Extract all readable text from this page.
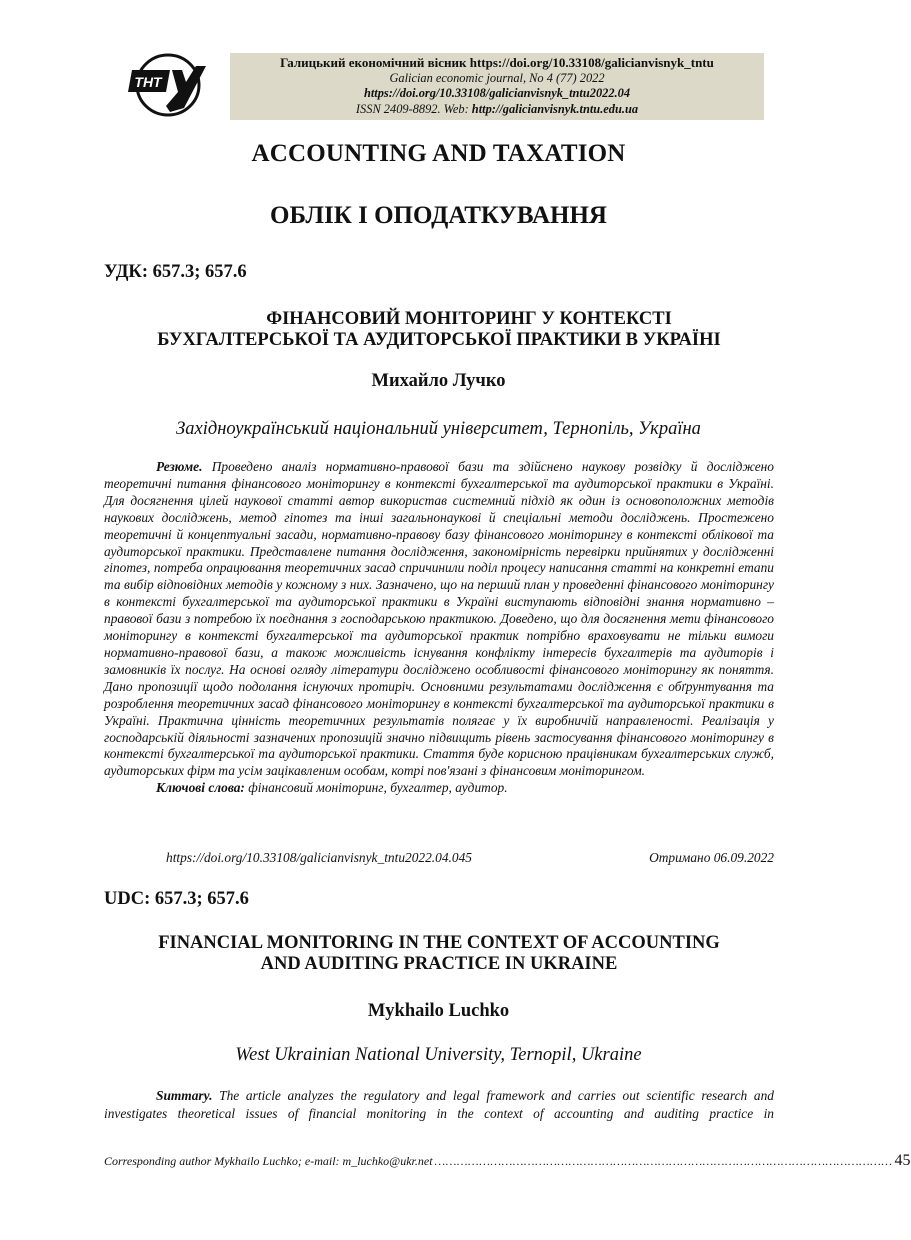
ТНТ
Галицький економічний вісник https://doi.org/10.33108/galicianvisnyk_tntu
Galician economic journal, No 4 (77) 2022
https://doi.org/10.33108/galicianvisnyk_tntu2022.04
ISSN 2409-8892. Web: http://galicianvisnyk.tntu.edu.ua
ACCOUNTING AND TAXATION
ОБЛІК І ОПОДАТКУВАННЯ
УДК: 657.3; 657.6
ФІНАНСОВИЙ МОНІТОРИНГ У КОНТЕКСТІ
БУХГАЛТЕРСЬКОЇ ТА АУДИТОРСЬКОЇ ПРАКТИКИ В УКРАЇНІ
Михайло Лучко
Західноукраїнський національний університет, Тернопіль, Україна

Резюме. Проведено аналіз нормативно-правової бази та здійснено наукову розвідку й досліджено теоретичні питання фінансового моніторингу в контексті бухгалтерської та аудиторської практики в Україні. Для досягнення цілей наукової статті автор використав системний підхід як один із основоположних методів наукових досліджень, метод гіпотез та інші загальнонаукові й спеціальні методи досліджень. Простежено теоретичні й концептуальні засади, нормативно-правову базу фінансового моніторингу в контексті облікової та аудиторської практики. Представлене питання дослідження, закономірність перевірки прийнятих у дослідженні гіпотез, потреба опрацювання теоретичних засад спричинили поділ процесу написання статті на конкретні етапи та вибір відповідних методів у кожному з них. Зазначено, що на перший план у проведенні фінансового моніторингу в контексті бухгалтерської та аудиторської практики в Україні виступають відповідні знання нормативно – правової бази з потребою їх поєднання з господарською практикою. Доведено, що для досягнення мети фінансового моніторингу в контексті бухгалтерської та аудиторської практик потрібно враховувати не тільки вимоги нормативно-правової бази, а також можливість існування конфлікту інтересів бухгалтерів та аудиторів і замовників їх послуг. На основі огляду літератури досліджено особливості фінансового моніторингу як поняття. Дано пропозиції щодо подолання існуючих протиріч. Основними результатами дослідження є обґрунтування та розроблення теоретичних засад фінансового моніторингу в контексті бухгалтерської та аудиторської практики в Україні. Практична цінність теоретичних результатів полягає у їх виробничій направленості. Реалізація у господарській діяльності зазначених пропозицій значно підвищить рівень застосування фінансового моніторингу в контексті бухгалтерської та аудиторської практики. Стаття буде корисною працівникам бухгалтерських служб, аудиторських фірм та усім зацікавленим особам, котрі пов'язані з фінансовим моніторингом.

Ключові слова: фінансовий моніторинг, бухгалтер, аудитор.

https://doi.org/10.33108/galicianvisnyk_tntu2022.04.045	Отримано 06.09.2022
UDC: 657.3; 657.6
FINANCIAL MONITORING IN THE CONTEXT OF ACCOUNTING
AND AUDITING PRACTICE IN UKRAINE
Mykhailo Luchko
West Ukrainian National University, Ternopil, Ukraine

Summary. The article analyzes the regulatory and legal framework and carries out scientific research and investigates theoretical issues of financial monitoring in the context of accounting and auditing practice in

Corresponding author Mykhailo Luchko; e-mail: m_luchko@ukr.net …………………………………………………………………………………………………………… 45
